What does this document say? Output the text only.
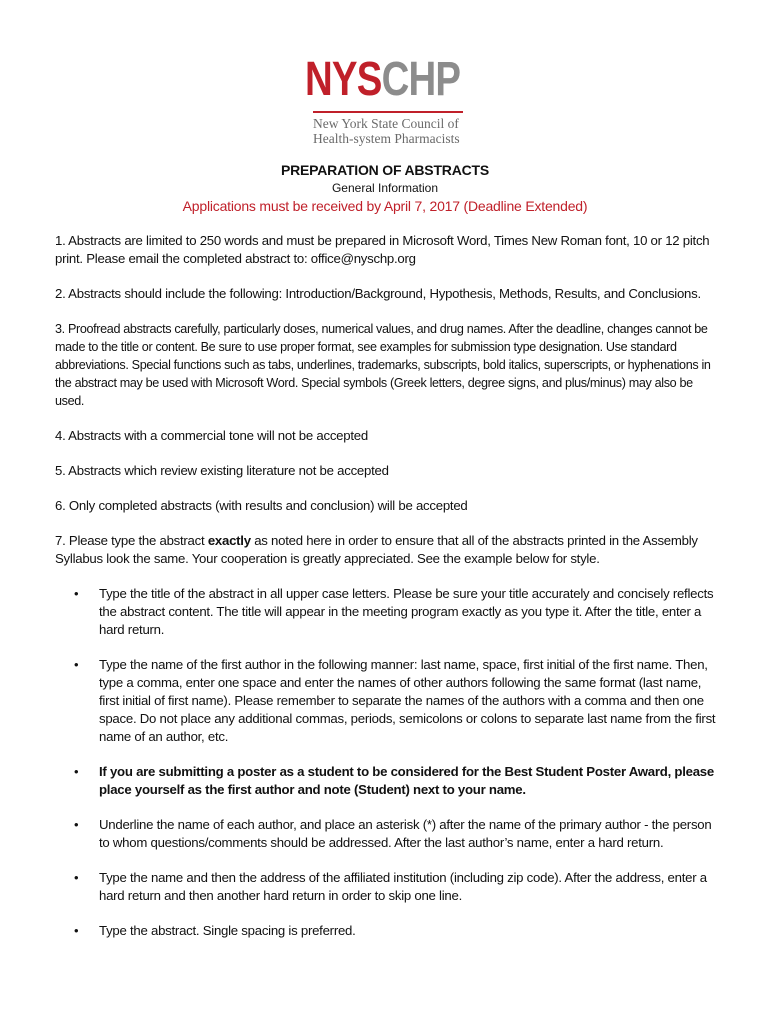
NYSCHP
New York State Council of
Health-system Pharmacists
PREPARATION OF ABSTRACTS
General Information
Applications must be received by April 7, 2017 (Deadline Extended)

1. Abstracts are limited to 250 words and must be prepared in Microsoft Word, Times New Roman font, 10 or 12 pitch print. Please email the completed abstract to: office@nyschp.org

2. Abstracts should include the following: Introduction/Background, Hypothesis, Methods, Results, and Conclusions.

3. Proofread abstracts carefully, particularly doses, numerical values, and drug names. After the deadline, changes cannot be made to the title or content. Be sure to use proper format, see examples for submission type designation. Use standard abbreviations. Special functions such as tabs, underlines, trademarks, subscripts, bold italics, superscripts, or hyphenations in the abstract may be used with Microsoft Word. Special symbols (Greek letters, degree signs, and plus/minus) may also be used.

4. Abstracts with a commercial tone will not be accepted

5. Abstracts which review existing literature not be accepted

6. Only completed abstracts (with results and conclusion) will be accepted

7. Please type the abstract exactly as noted here in order to ensure that all of the abstracts printed in the Assembly Syllabus look the same. Your cooperation is greatly appreciated. See the example below for style.

• Type the title of the abstract in all upper case letters. Please be sure your title accurately and concisely reflects the abstract content. The title will appear in the meeting program exactly as you type it. After the title, enter a hard return.
• Type the name of the first author in the following manner: last name, space, first initial of the first name. Then, type a comma, enter one space and enter the names of other authors following the same format (last name, first initial of first name). Please remember to separate the names of the authors with a comma and then one space. Do not place any additional commas, periods, semicolons or colons to separate last name from the first name of an author, etc.
• If you are submitting a poster as a student to be considered for the Best Student Poster Award, please place yourself as the first author and note (Student) next to your name.
• Underline the name of each author, and place an asterisk (*) after the name of the primary author - the person to whom questions/comments should be addressed. After the last author’s name, enter a hard return.
• Type the name and then the address of the affiliated institution (including zip code). After the address, enter a hard return and then another hard return in order to skip one line.
• Type the abstract. Single spacing is preferred.
